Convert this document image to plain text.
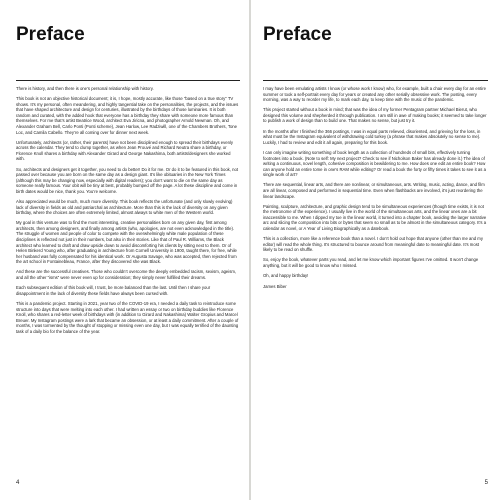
Preface

There is history, and then there is one’s personal relationship with history.

This book is not an objective historical document; it is, I hope, mostly accurate, like those “based on a true story” TV shows. It’s my personal, often meandering, and highly tangential take on the personalities, the projects, and the issues that have shaped architecture and design for centuries, illustrated by the birthdays of those luminaries. It is both random and curated, with the added hook that everyone has a birthday they share with someone more famous than themselves. For me that’s artist Beatrice Wood, architect Eva Jiricna, and photographer Arnold Newman. Oh, and Alexander Graham Bell, Carlo Ponti (Ponti scheme), Jean Harlow, Lee Radziwill, one of the Chambers Brothers, Tone Loc, and Camila Cabello. They’re all coming over for dinner next week.

Unfortunately, architects (or, rather, their parents) have not been disciplined enough to spread their birthdays evenly across the calendar. They tend to clump together, as when Jean Prouvé and Richard Neutra share a birthday, or Florence Knoll shares a birthday with Alexander Girard and George Nakashima, both artists/designers she worked with.

So, architects and designers get it together, you need to do better! Do it for me. Or do it to be featured in this book, not passed over because you are born on the same day as a design giant. It’s like obituaries in the New York Times (although this may be changing now, especially with digital readers); you don’t want to die on the same day as someone really famous. Your obit will be tiny at best, probably bumped off the page. A lot these discipline and come in birth dates would be nice, thank you. You’re welcome.

Also appreciated would be much, much more diversity. This book reflects the unfortunate (and only slowly evolving) lack of diversity in fields as old and patriarchal as architecture. More than this is the lack of diversity on any given birthday, where the choices are often extremely limited, almost always to white men of the Western world.

My goal in this venture was to find the most interesting, creative personalities born on any given day, first among architects, then among designers, and finally among artists (who, apologies, are not even acknowledged in the title). The struggle of women and people of color to compete with the overwhelmingly white male population of these disciplines is reflected not just in their numbers, but also in their stories. Like that of Paul R. Williams, the Black architect who learned to draft and draw upside down to avoid discomforting his clients by sitting next to them. Or of Helen Binkerd Young who, after graduating in architecture from Cornell University in 1900, taught there, for free, while her husband was fully compensated for his identical work. Or Augusta Savage, who was accepted, then rejected from the art school in Fontainebleau, France, after they discovered she was Black.

And these are the successful creatives. Those who couldn’t overcome the deeply embedded racism, sexism, ageism, and all the other “isms” were never even up for consideration; they simply never fulfilled their dreams.

Each subsequent edition of this book will, I trust, be more balanced than the last. Until then I share your disappointment in the lack of diversity these fields have always been cursed with.

This is a pandemic project. Starting in 2021, year two of the COVID-19 era, I needed a daily task to reintroduce some structure into days that were melting into each other. I had written an essay or two on birthday buddies like Florence Knoll, who shares a red-letter week of birthdays with (in addition to Girard and Nakashima) Walter Gropius and Marcel Breuer. My Instagram postings were a lark that became an obsession, or at least a daily commitment. After a couple of months, I was tormented by the thought of stopping or missing even one day, but I was equally terrified of the daunting task of a daily bio for the balance of the year.

4
Preface

I may have been emulating artists I know (or whose work I know) who, for example, built a chair every day for an entire summer or took a self-portrait every day for years or created any other serially obsessive work. The posting, every morning, was a way to reorder my life, to mark each day, to keep time with the music of the pandemic.

This project started without a book in mind; that was the idea of my former Pentagram partner Michael Bierut, who designed this volume and shepherded it through publication. I am still in awe of making books; it seemed to take longer to publish a work of design than to build one. That makes no sense, but just try it.

In the months after I finished the 366 postings, I was in equal parts relieved, disoriented, and grieving for the loss, in what must be the Instagram equivalent of withdrawing cold turkey (a phrase that makes absolutely no sense to me). Luckily, I had to review and edit it all again, preparing for this book.

I can only imagine writing something of book length as a collection of hundreds of small bits, effectively turning footnotes into a book. (Note to self: My next project? Check to see if Nicholson Baker has already done it.) The idea of writing a continuous, novel length, cohesive composition is bewildering to me. How does one edit an entire book? How can anyone hold an entire tome in one’s RAM while editing? Or read a book the forty or fifty times it takes to see it as a single work of art?

There are sequential, linear arts, and there are nonlinear, or simultaneous, arts. Writing, music, acting, dance, and film are all linear, composed and performed in sequential time. Even when flashbacks are involved, it’s just reordering the linear landscape.

Painting, sculpture, architecture, and graphic design tend to be simultaneous experiences (though time exists, it is not the metronome of the experience). I usually live in the world of the simultaneous arts, and the linear ones are a bit inaccessible to me. When I dipped my toe in the linear world, it turned into a chapter book, avoiding the larger narrative arc and slicing the composition into bits or bytes that seem so small as to be almost in the simultaneous category. It’s a calendar as novel, or A Year of Living Biographically as a datebook.

This is a collection, more like a reference book than a novel. I don’t hold out hope that anyone (other than me and my editor) will read the whole thing. It’s structured to bounce around from meaningful date to meaningful date. It’s most likely to be read on shuffle.

So, enjoy the book, whatever parts you read, and let me know which important figures I’ve omitted. It won’t change anything, but it will be good to know who I missed.

Oh, and happy birthday!

James Biber

5
